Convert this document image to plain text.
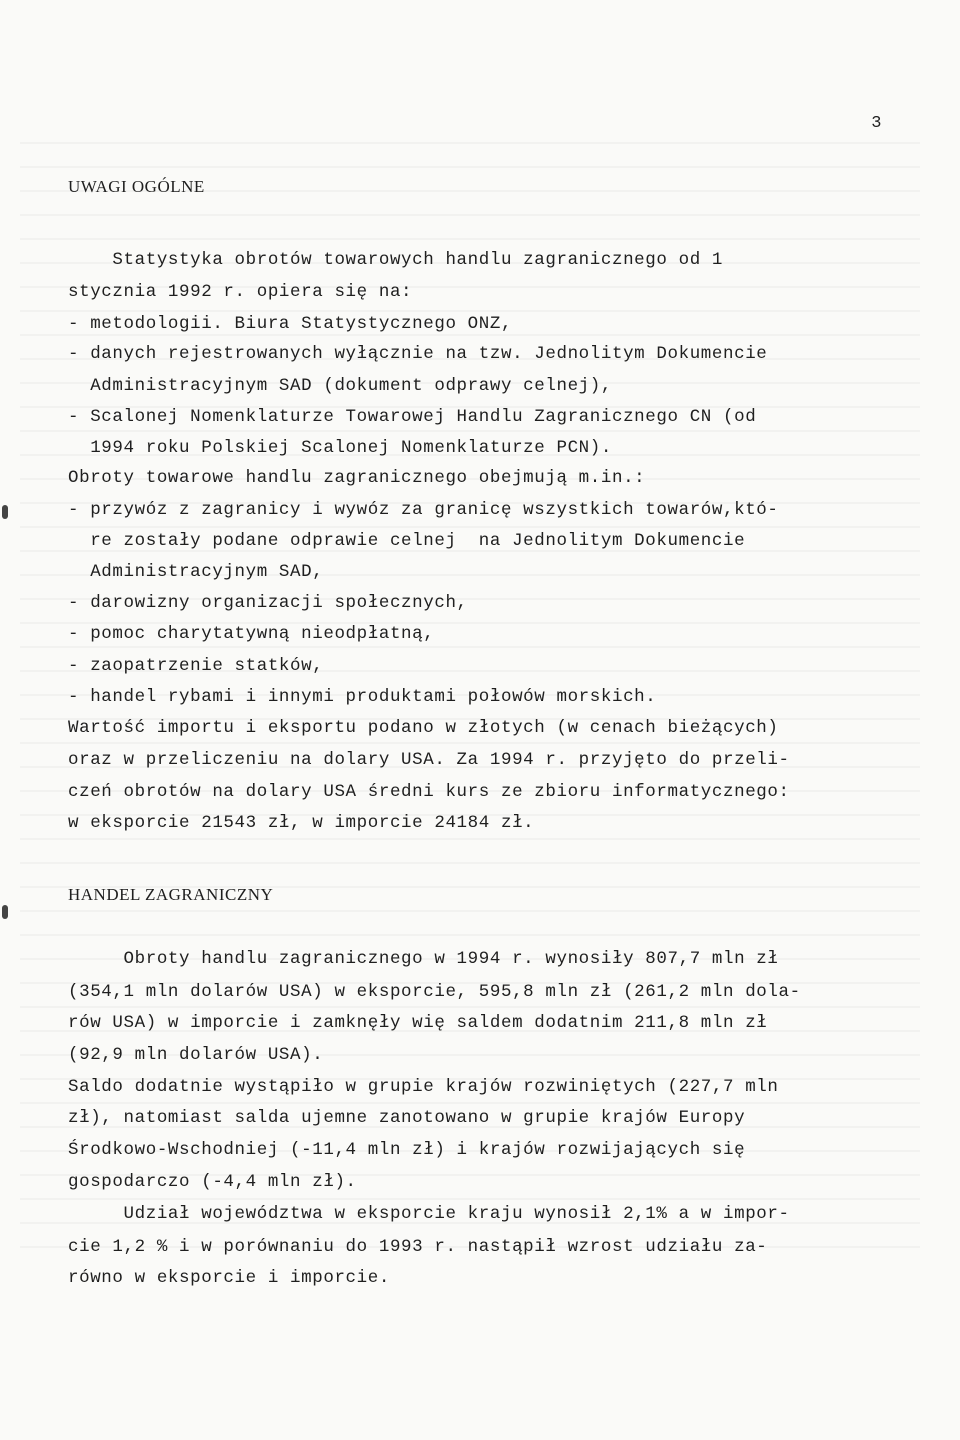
3
UWAGI OGÓLNE
Statystyka obrotów towarowych handlu zagranicznego od 1
stycznia 1992 r. opiera się na:
- metodologii. Biura Statystycznego ONZ,
- danych rejestrowanych wyłącznie na tzw. Jednolitym Dokumencie
Administracyjnym SAD (dokument odprawy celnej),
- Scalonej Nomenklaturze Towarowej Handlu Zagranicznego CN (od
1994 roku Polskiej Scalonej Nomenklaturze PCN).
Obroty towarowe handlu zagranicznego obejmują m.in.:
- przywóz z zagranicy i wywóz za granicę wszystkich towarów,któ-
re zostały podane odprawie celnej  na Jednolitym Dokumencie
Administracyjnym SAD,
- darowizny organizacji społecznych,
- pomoc charytatywną nieodpłatną,
- zaopatrzenie statków,
- handel rybami i innymi produktami połowów morskich.
Wartość importu i eksportu podano w złotych (w cenach bieżących)
oraz w przeliczeniu na dolary USA. Za 1994 r. przyjęto do przeli-
czeń obrotów na dolary USA średni kurs ze zbioru informatycznego:
w eksporcie 21543 zł, w imporcie 24184 zł.
HANDEL ZAGRANICZNY
Obroty handlu zagranicznego w 1994 r. wynosiły 807,7 mln zł
(354,1 mln dolarów USA) w eksporcie, 595,8 mln zł (261,2 mln dola-
rów USA) w imporcie i zamknęły wię saldem dodatnim 211,8 mln zł
(92,9 mln dolarów USA).
Saldo dodatnie wystąpiło w grupie krajów rozwiniętych (227,7 mln
zł), natomiast salda ujemne zanotowano w grupie krajów Europy
Środkowo-Wschodniej (-11,4 mln zł) i krajów rozwijających się
gospodarczo (-4,4 mln zł).
Udział województwa w eksporcie kraju wynosił 2,1% a w impor-
cie 1,2 % i w porównaniu do 1993 r. nastąpił wzrost udziału za-
równo w eksporcie i imporcie.
